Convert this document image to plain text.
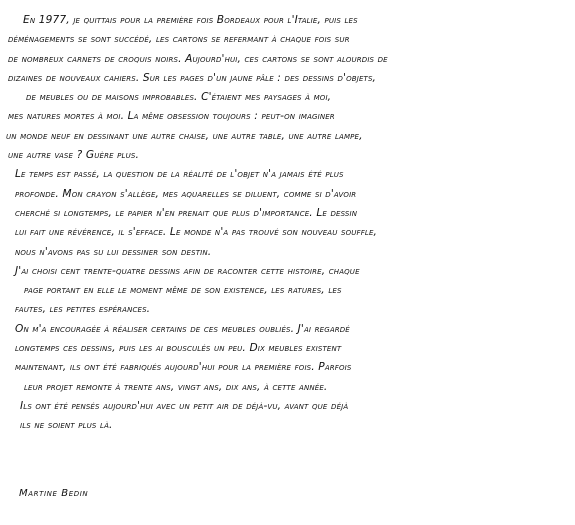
En 1977, je quittais pour la première fois Bordeaux pour l'Italie, puis les
déménagements se sont succédé, les cartons se refermant à chaque fois sur
de nombreux carnets de croquis noirs. Aujourd'hui, ces cartons se sont alourdis de
dizaines de nouveaux cahiers. Sur les pages d'un jaune pâle : des dessins d'objets,
de meubles ou de maisons improbables. C'étaient mes paysages à moi,
mes natures mortes à moi. La même obsession toujours : peut-on imaginer
un monde neuf en dessinant une autre chaise, une autre table, une autre lampe,
une autre vase ? Guère plus.
Le temps est passé, la question de la réalité de l'objet n'a jamais été plus
profonde. Mon crayon s'allège, mes aquarelles se diluent, comme si d'avoir
cherché si longtemps, le papier n'en prenait que plus d'importance. Le dessin
lui fait une révérence, il s'efface. Le monde n'a pas trouvé son nouveau souffle,
nous n'avons pas su lui dessiner son destin.
J'ai choisi cent trente-quatre dessins afin de raconter cette histoire, chaque
page portant en elle le moment même de son existence, les ratures, les
fautes, les petites espérances.
On m'a encouragée à réaliser certains de ces meubles oubliés. J'ai regardé
longtemps ces dessins, puis les ai bousculés un peu. Dix meubles existent
maintenant, ils ont été fabriqués aujourd'hui pour la première fois. Parfois
leur projet remonte à trente ans, vingt ans, dix ans, à cette année.
Ils ont été pensés aujourd'hui avec un petit air de déjà-vu, avant que déjà
ils ne soient plus là.
Martine Bedin
